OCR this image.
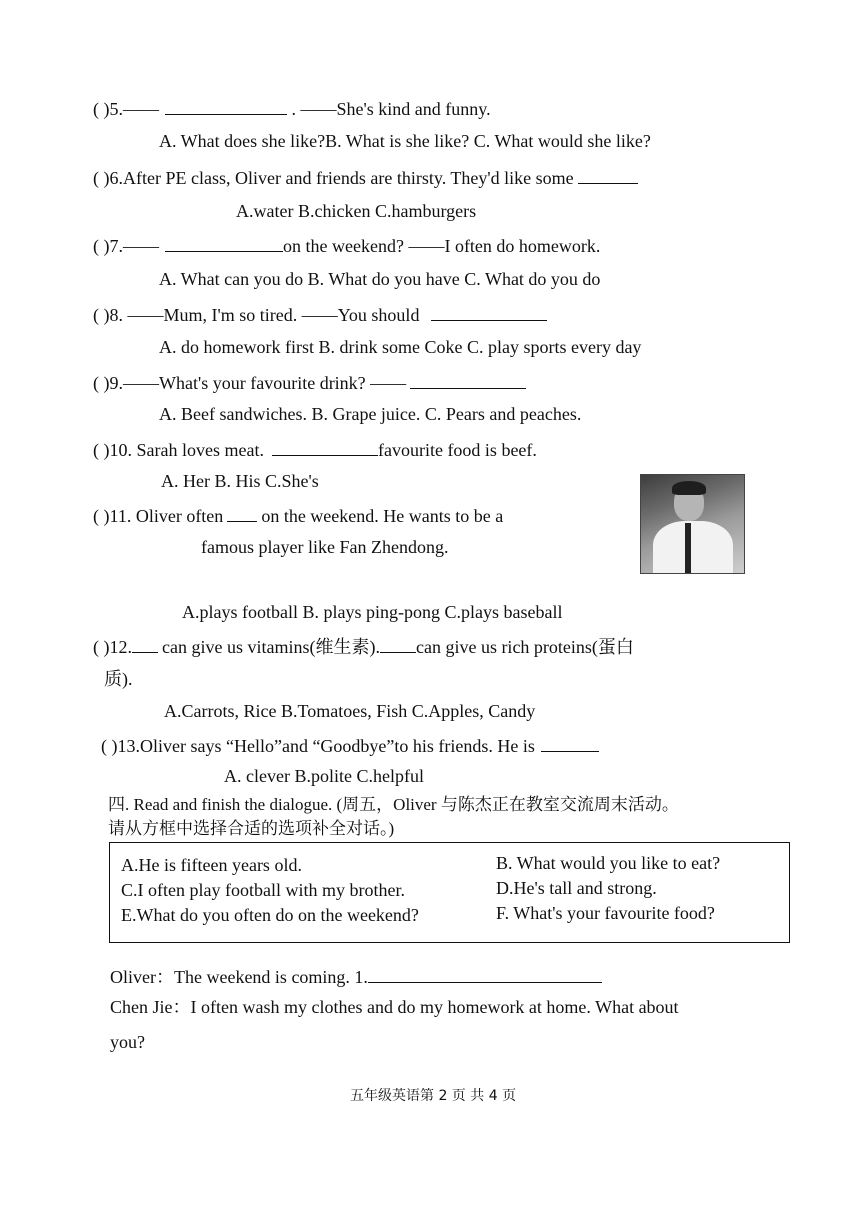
( )5.——	. ——She's kind and funny.
A. What does she like?B. What is she like? C. What would she like?
( )6.After PE class, Oliver and friends are thirsty. They'd like some
A.water B.chicken C.hamburgers
( )7.——	on the weekend? ——I often do homework.
A. What can you do B. What do you have C. What do you do
( )8. ——Mum, I'm so tired. ——You should
A. do homework first B. drink some Coke C. play sports every day
( )9.——What's your favourite drink? ——
A. Beef sandwiches. B. Grape juice. C. Pears and peaches.
( )10. Sarah loves meat.	favourite food is beef.
A. Her B. His C.She's
( )11. Oliver often on the weekend. He wants to be a
famous player like Fan Zhendong.
A.plays football B. plays ping-pong C.plays baseball
( )12. can give us vitamins(维生素). can give us rich proteins(蛋白
质).
A.Carrots, Rice B.Tomatoes, Fish C.Apples, Candy
( )13.Oliver says “Hello”and “Goodbye”to his friends. He is
A. clever B.polite C.helpful
四. Read and finish the dialogue. (周五，Oliver 与陈杰正在教室交流周末活动。
请从方框中选择合适的选项补全对话。)
A.He is fifteen years old.	B. What would you like to eat?
C.I often play football with my brother.	D.He's tall and strong.
E.What do you often do on the weekend?	F. What's your favourite food?
Oliver：The weekend is coming. 1.
Chen Jie：I often wash my clothes and do my homework at home. What about
you?
五年级英语第 2 页 共 4 页
